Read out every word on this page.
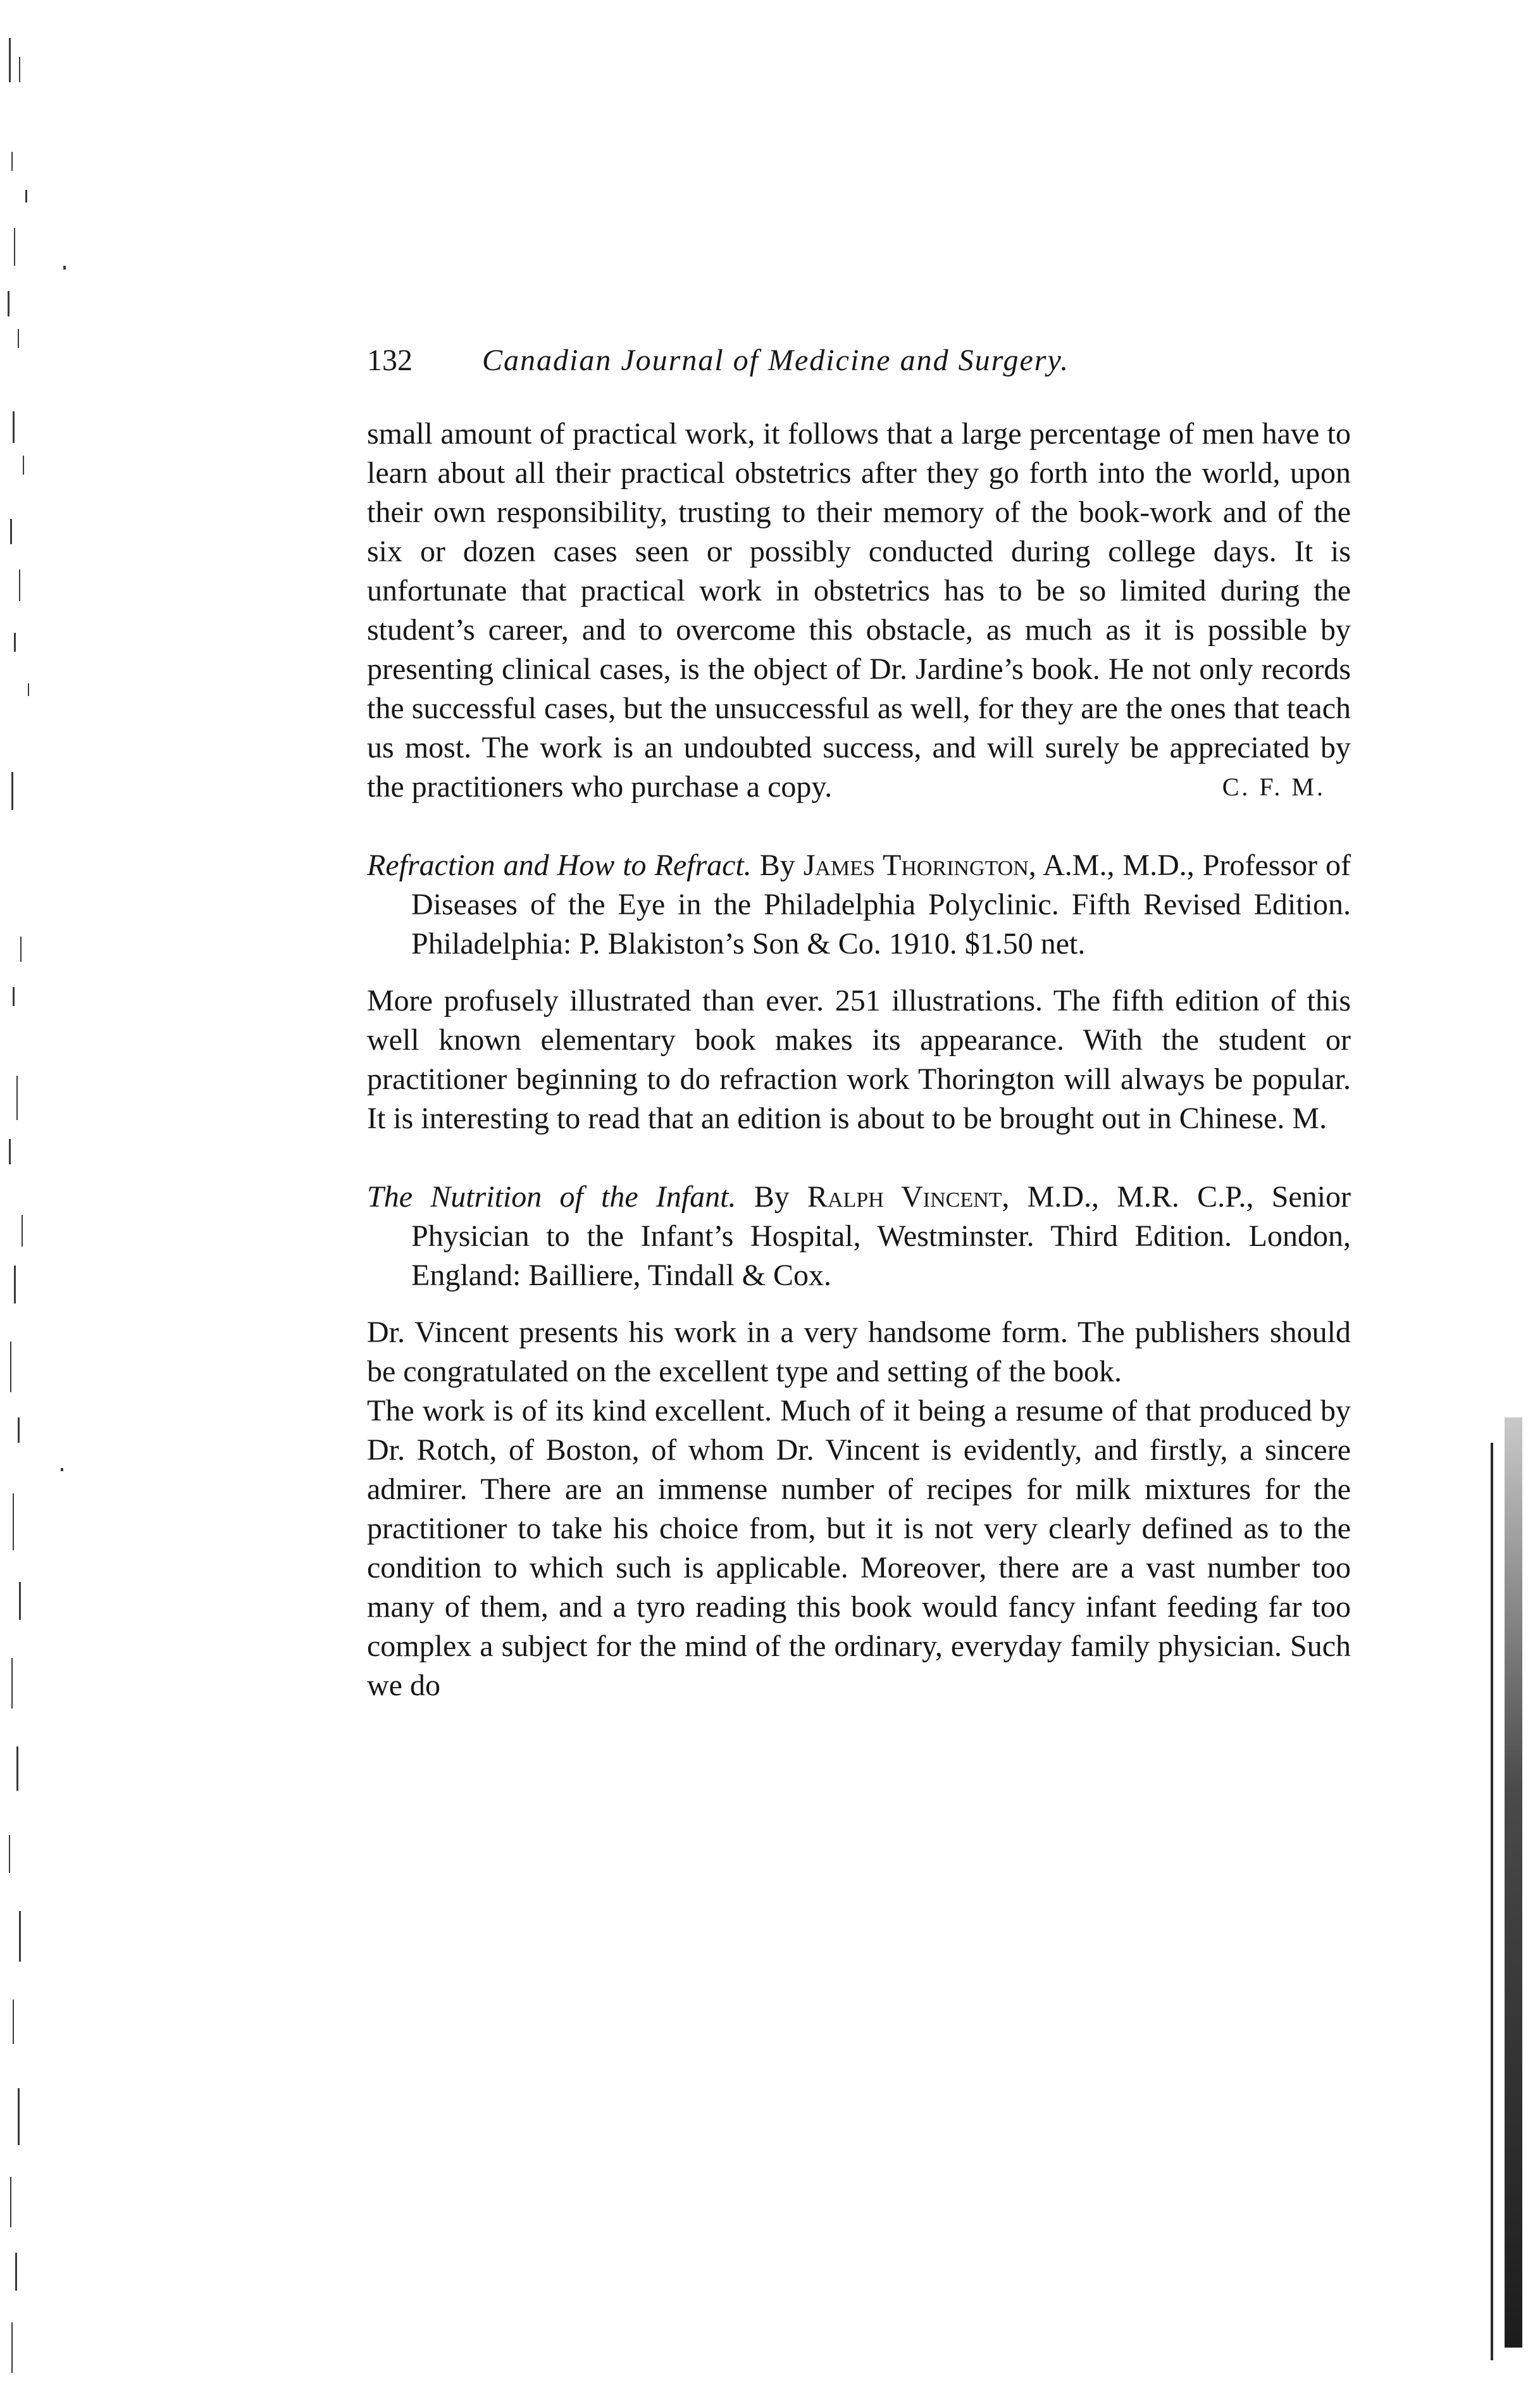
132 Canadian Journal of Medicine and Surgery.

small amount of practical work, it follows that a large percentage of men have to learn about all their practical obstetrics after they go forth into the world, upon their own responsibility, trusting to their memory of the book-work and of the six or dozen cases seen or possibly conducted during college days. It is unfortunate that practical work in obstetrics has to be so limited during the student’s career, and to overcome this obstacle, as much as it is possible by presenting clinical cases, is the object of Dr. Jardine’s book. He not only records the successful cases, but the unsuccessful as well, for they are the ones that teach us most. The work is an undoubted success, and will surely be appreciated by the practitioners who purchase a copy.	C. F. M.

Refraction and How to Refract. By James Thorington, A.M., M.D., Professor of Diseases of the Eye in the Philadelphia Polyclinic. Fifth Revised Edition. Philadelphia: P. Blakiston’s Son & Co. 1910. $1.50 net.

More profusely illustrated than ever. 251 illustrations. The fifth edition of this well known elementary book makes its appearance. With the student or practitioner beginning to do refraction work Thorington will always be popular. It is interesting to read that an edition is about to be brought out in Chinese. M.

The Nutrition of the Infant. By Ralph Vincent, M.D., M.R. C.P., Senior Physician to the Infant’s Hospital, Westminster. Third Edition. London, England: Bailliere, Tindall & Cox.

Dr. Vincent presents his work in a very handsome form. The publishers should be congratulated on the excellent type and setting of the book.

The work is of its kind excellent. Much of it being a resume of that produced by Dr. Rotch, of Boston, of whom Dr. Vincent is evidently, and firstly, a sincere admirer. There are an immense number of recipes for milk mixtures for the practitioner to take his choice from, but it is not very clearly defined as to the condition to which such is applicable. Moreover, there are a vast number too many of them, and a tyro reading this book would fancy infant feeding far too complex a subject for the mind of the ordinary, everyday family physician. Such we do
